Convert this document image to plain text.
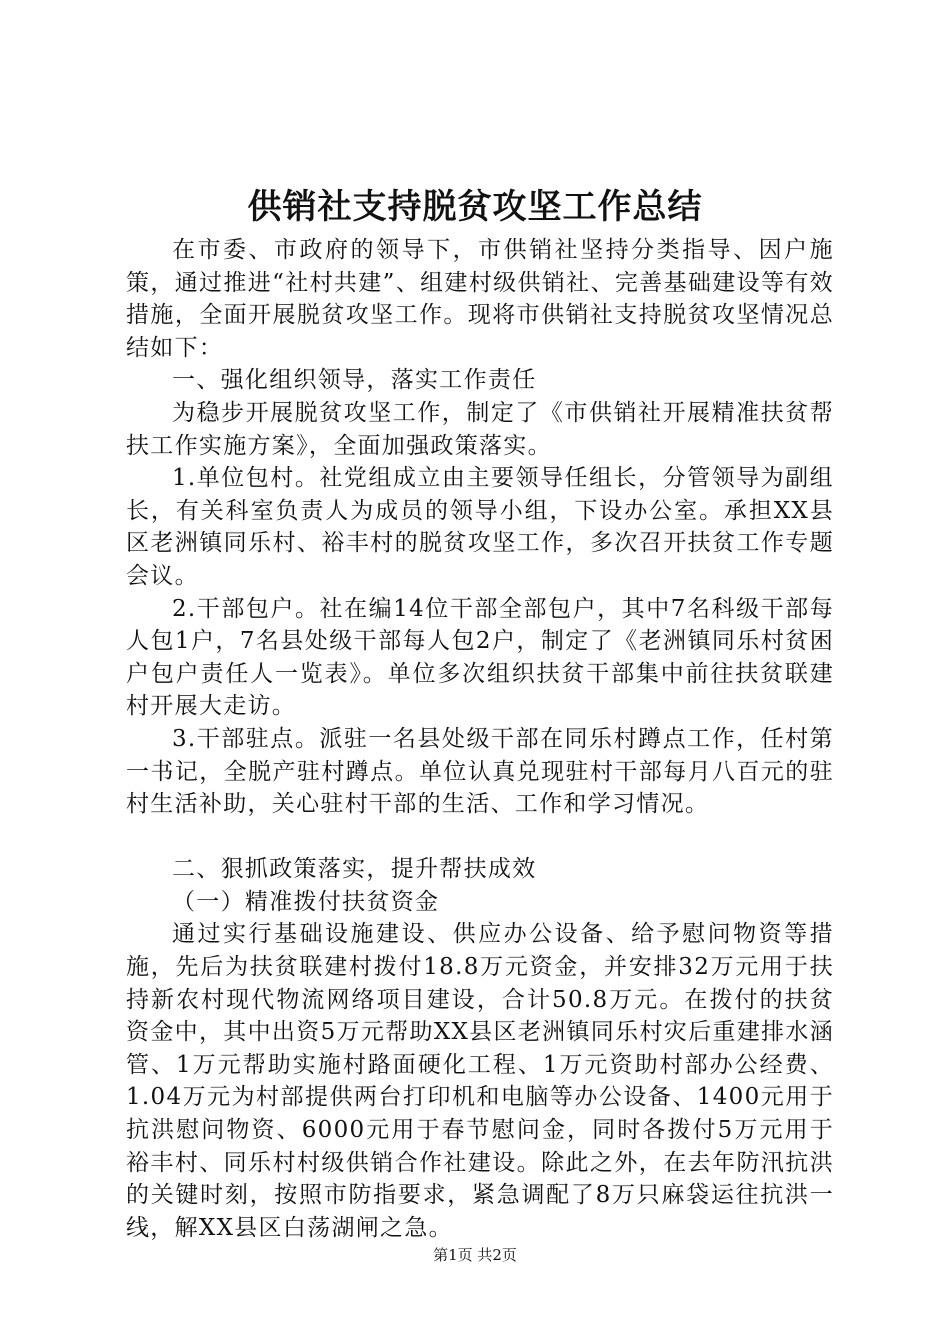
供销社支持脱贫攻坚工作总结

在市委、市政府的领导下，市供销社坚持分类指导、因户施策，通过推进“社村共建”、组建村级供销社、完善基础建设等有效措施，全面开展脱贫攻坚工作。现将市供销社支持脱贫攻坚情况总结如下：

一、强化组织领导，落实工作责任

为稳步开展脱贫攻坚工作，制定了《市供销社开展精准扶贫帮扶工作实施方案》，全面加强政策落实。

1.单位包村。社党组成立由主要领导任组长，分管领导为副组长，有关科室负责人为成员的领导小组，下设办公室。承担XX县区老洲镇同乐村、裕丰村的脱贫攻坚工作，多次召开扶贫工作专题会议。

2.干部包户。社在编14位干部全部包户，其中7名科级干部每人包1户，7名县处级干部每人包2户，制定了《老洲镇同乐村贫困户包户责任人一览表》。单位多次组织扶贫干部集中前往扶贫联建村开展大走访。

3.干部驻点。派驻一名县处级干部在同乐村蹲点工作，任村第一书记，全脱产驻村蹲点。单位认真兑现驻村干部每月八百元的驻村生活补助，关心驻村干部的生活、工作和学习情况。

二、狠抓政策落实，提升帮扶成效

（一）精准拨付扶贫资金

通过实行基础设施建设、供应办公设备、给予慰问物资等措施，先后为扶贫联建村拨付18.8万元资金，并安排32万元用于扶持新农村现代物流网络项目建设，合计50.8万元。在拨付的扶贫资金中，其中出资5万元帮助XX县区老洲镇同乐村灾后重建排水涵管、1万元帮助实施村路面硬化工程、1万元资助村部办公经费、1.04万元为村部提供两台打印机和电脑等办公设备、1400元用于抗洪慰问物资、6000元用于春节慰问金，同时各拨付5万元用于裕丰村、同乐村村级供销合作社建设。除此之外，在去年防汛抗洪的关键时刻，按照市防指要求，紧急调配了8万只麻袋运往抗洪一线，解XX县区白荡湖闸之急。

第1页 共2页
